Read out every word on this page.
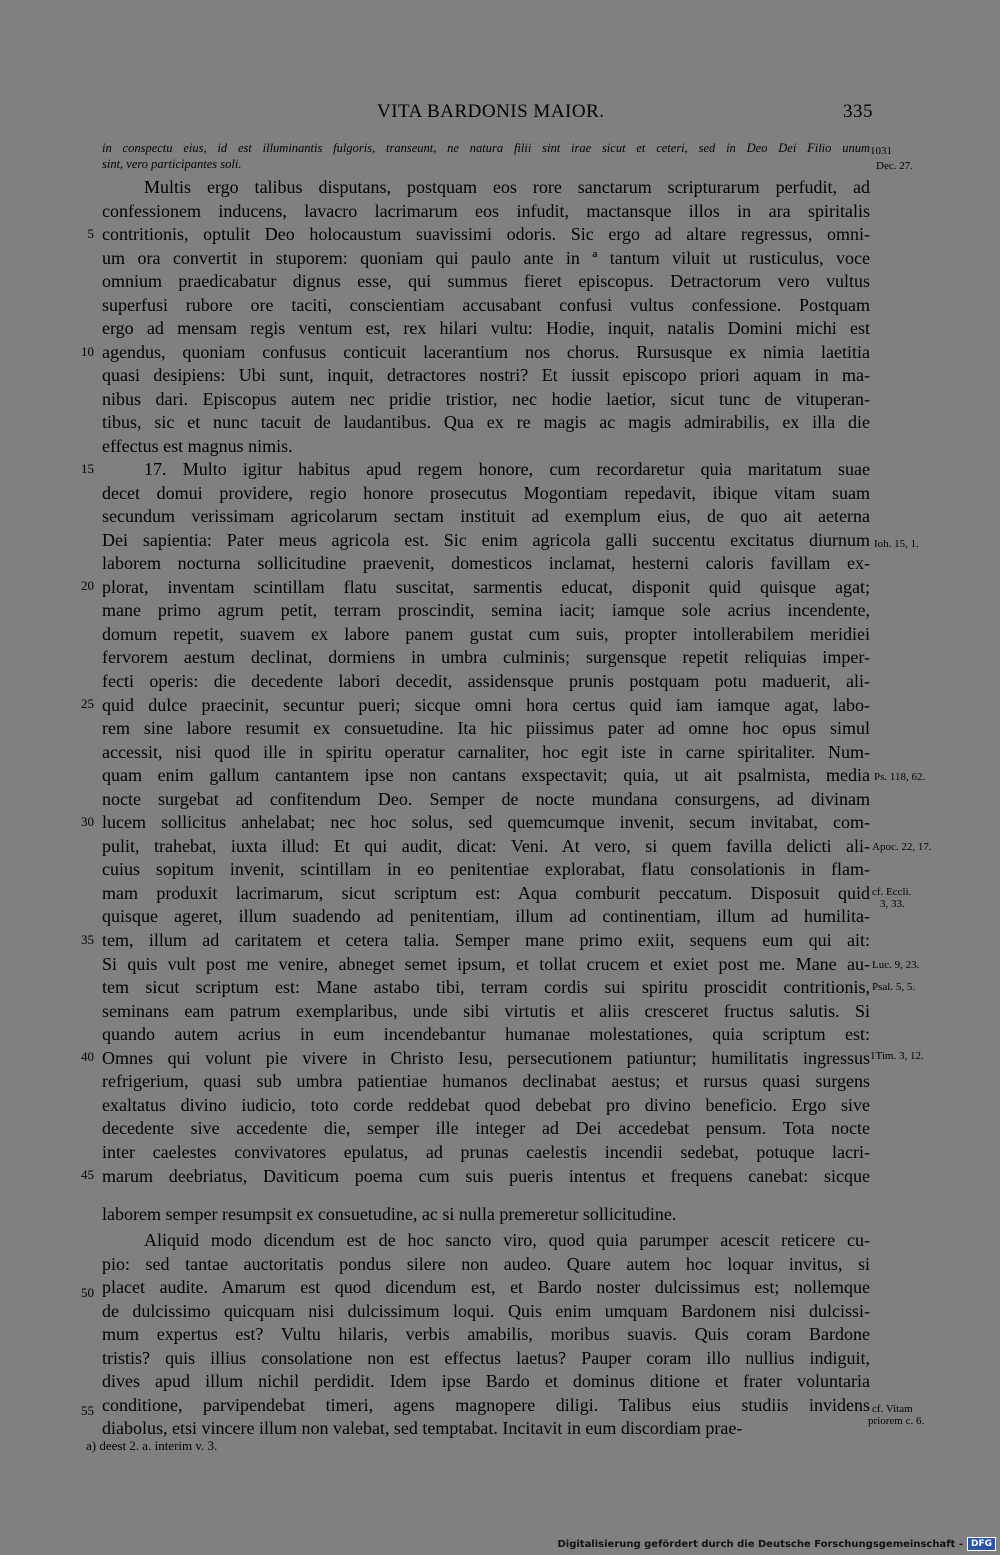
VITA BARDONIS MAIOR.	335
in conspectu eius, id est illuminantis fulgoris, transeunt, ne natura filii sint irae sicut et ceteri, sed in Deo Dei Filio unum
sint, vero participantes soli.
Multis ergo talibus disputans, postquam eos rore sanctarum scripturarum perfudit, ad
confessionem inducens, lavacro lacrimarum eos infudit, mactansque illos in ara spiritalis
contritionis, optulit Deo holocaustum suavissimi odoris. Sic ergo ad altare regressus, omni-
um ora convertit in stuporem: quoniam qui paulo ante in ª tantum viluit ut rusticulus, voce
omnium praedicabatur dignus esse, qui summus fieret episcopus. Detractorum vero vultus
superfusi rubore ore taciti, conscientiam accusabant confusi vultus confessione. Postquam
ergo ad mensam regis ventum est, rex hilari vultu: Hodie, inquit, natalis Domini michi est
agendus, quoniam confusus conticuit lacerantium nos chorus. Rursusque ex nimia laetitia
quasi desipiens: Ubi sunt, inquit, detractores nostri? Et iussit episcopo priori aquam in ma-
nibus dari. Episcopus autem nec pridie tristior, nec hodie laetior, sicut tunc de vituperan-
tibus, sic et nunc tacuit de laudantibus. Qua ex re magis ac magis admirabilis, ex illa die
effectus est magnus nimis.
17. Multo igitur habitus apud regem honore, cum recordaretur quia maritatum suae
decet domui providere, regio honore prosecutus Mogontiam repedavit, ibique vitam suam
secundum verissimam agricolarum sectam instituit ad exemplum eius, de quo ait aeterna
Dei sapientia: Pater meus agricola est. Sic enim agricola galli succentu excitatus diurnum
laborem nocturna sollicitudine praevenit, domesticos inclamat, hesterni caloris favillam ex-
plorat, inventam scintillam flatu suscitat, sarmentis educat, disponit quid quisque agat;
mane primo agrum petit, terram proscindit, semina iacit; iamque sole acrius incendente,
domum repetit, suavem ex labore panem gustat cum suis, propter intollerabilem meridiei
fervorem aestum declinat, dormiens in umbra culminis; surgensque repetit reliquias imper-
fecti operis: die decedente labori decedit, assidensque prunis postquam potu maduerit, ali-
quid dulce praecinit, secuntur pueri; sicque omni hora certus quid iam iamque agat, labo-
rem sine labore resumit ex consuetudine. Ita hic piissimus pater ad omne hoc opus simul
accessit, nisi quod ille in spiritu operatur carnaliter, hoc egit iste in carne spiritaliter. Num-
quam enim gallum cantantem ipse non cantans exspectavit; quia, ut ait psalmista, media
nocte surgebat ad confitendum Deo. Semper de nocte mundana consurgens, ad divinam
lucem sollicitus anhelabat; nec hoc solus, sed quemcumque invenit, secum invitabat, com-
pulit, trahebat, iuxta illud: Et qui audit, dicat: Veni. At vero, si quem favilla delicti ali-
cuius sopitum invenit, scintillam in eo penitentiae explorabat, flatu consolationis in flam-
mam produxit lacrimarum, sicut scriptum est: Aqua comburit peccatum. Disposuit quid
quisque ageret, illum suadendo ad penitentiam, illum ad continentiam, illum ad humilita-
tem, illum ad caritatem et cetera talia. Semper mane primo exiit, sequens eum qui ait:
Si quis vult post me venire, abneget semet ipsum, et tollat crucem et exiet post me. Mane au-
tem sicut scriptum est: Mane astabo tibi, terram cordis sui spiritu proscidit contritionis,
seminans eam patrum exemplaribus, unde sibi virtutis et aliis cresceret fructus salutis. Si
quando autem acrius in eum incendebantur humanae molestationes, quia scriptum est:
Omnes qui volunt pie vivere in Christo Iesu, persecutionem patiuntur; humilitatis ingressus
refrigerium, quasi sub umbra patientiae humanos declinabat aestus; et rursus quasi surgens
exaltatus divino iudicio, toto corde reddebat quod debebat pro divino beneficio. Ergo sive
decedente sive accedente die, semper ille integer ad Dei accedebat pensum. Tota nocte
inter caelestes convivatores epulatus, ad prunas caelestis incendii sedebat, potuque lacri-
marum deebriatus, Daviticum poema cum suis pueris intentus et frequens canebat: sicque
laborem semper resumpsit ex consuetudine, ac si nulla premeretur sollicitudine.
Aliquid modo dicendum est de hoc sancto viro, quod quia parumper acescit reticere cu-
pio: sed tantae auctoritatis pondus silere non audeo. Quare autem hoc loquar invitus, si
placet audite. Amarum est quod dicendum est, et Bardo noster dulcissimus est; nollemque
de dulcissimo quicquam nisi dulcissimum loqui. Quis enim umquam Bardonem nisi dulcissi-
mum expertus est? Vultu hilaris, verbis amabilis, moribus suavis. Quis coram Bardone
tristis? quis illius consolatione non est effectus laetus? Pauper coram illo nullius indiguit,
dives apud illum nichil perdidit. Idem ipse Bardo et dominus ditione et frater voluntaria
conditione, parvipendebat timeri, agens magnopere diligi. Talibus eius studiis invidens
diabolus, etsi vincere illum non valebat, sed temptabat. Incitavit in eum discordiam prae-
5
10
15
20
25
30
35
40
45
50
55
1031
Dec. 27.
Ioh. 15, 1.
Ps. 118, 62.
Apoc. 22, 17.
cf. Eccli.
3, 33.
Luc. 9, 23.
Psal. 5, 5.
1Tim. 3, 12.
cf. Vitam
priorem c. 6.
a) deest 2. a. interim v. 3.
Digitalisierung gefördert durch die Deutsche Forschungsgemeinschaft - DFG
